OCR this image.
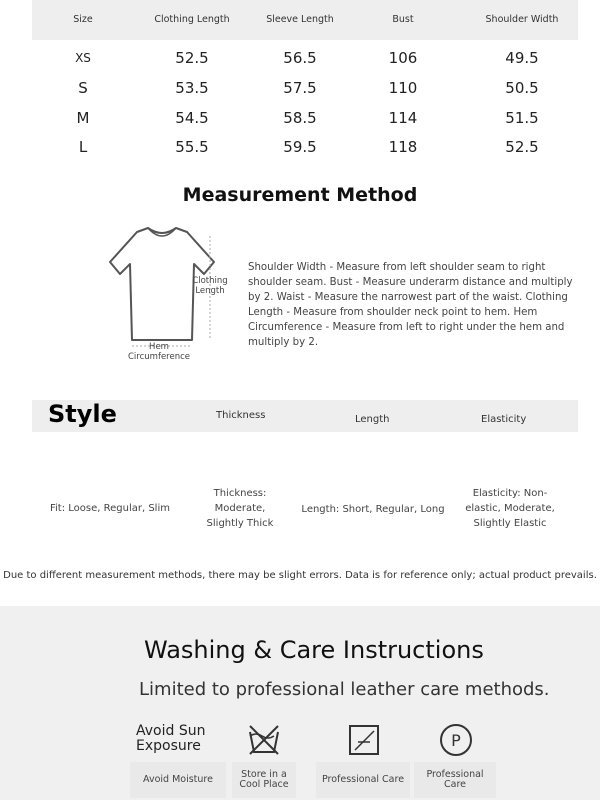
Size	Clothing Length	Sleeve Length	Bust	Shoulder Width
XS	52.5	56.5	106	49.5
S	53.5	57.5	110	50.5
M	54.5	58.5	114	51.5
L	55.5	59.5	118	52.5
Measurement Method
Clothing Length
Hem Circumference
Shoulder Width - Measure from left shoulder seam to right shoulder seam. Bust - Measure underarm distance and multiply by 2. Waist - Measure the narrowest part of the waist. Clothing Length - Measure from shoulder neck point to hem. Hem Circumference - Measure from left to right under the hem and multiply by 2.
Style	Thickness	Length	Elasticity
Fit: Loose, Regular, Slim
Thickness: Moderate, Slightly Thick
Length: Short, Regular, Long
Elasticity: Non-elastic, Moderate, Slightly Elastic
Due to different measurement methods, there may be slight errors. Data is for reference only; actual product prevails.
Washing & Care Instructions
Limited to professional leather care methods.
Avoid Sun Exposure	P
Avoid Moisture	Store in a Cool Place	Professional Care	Professional Care
